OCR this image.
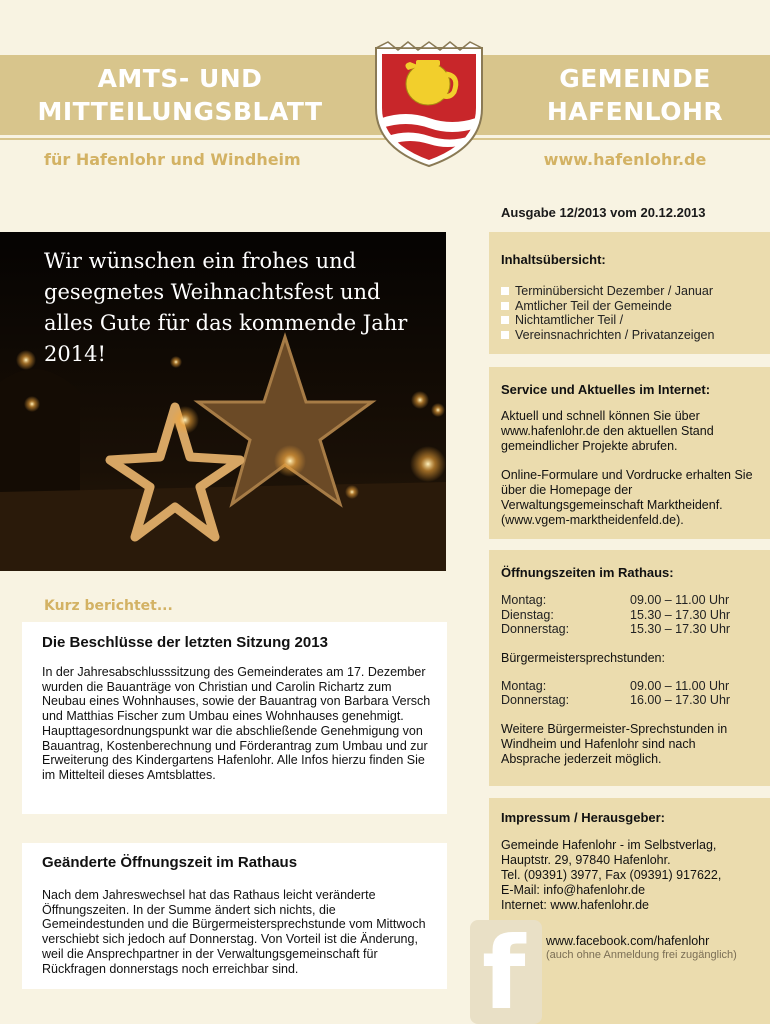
AMTS- UND
MITTEILUNGSBLATT
GEMEINDE
HAFENLOHR
für Hafenlohr und Windheim	www.hafenlohr.de
Ausgabe 12/2013 vom 20.12.2013
Wir wünschen ein frohes und gesegnetes Weihnachtsfest und alles Gute für das kommende Jahr 2014!
Inhaltsübersicht:
Terminübersicht Dezember / Januar
Amtlicher Teil der Gemeinde
Nichtamtlicher Teil /
Vereinsnachrichten / Privatanzeigen
Service und Aktuelles im Internet:
Aktuell und schnell können Sie über www.hafenlohr.de den aktuellen Stand gemeindlicher Projekte abrufen.
Online-Formulare und Vordrucke erhalten Sie über die Homepage der Verwaltungsgemeinschaft Marktheidenf. (www.vgem-marktheidenfeld.de).
Öffnungszeiten im Rathaus:
Montag:	09.00 – 11.00 Uhr
Dienstag:	15.30 – 17.30 Uhr
Donnerstag:	15.30 – 17.30 Uhr
Bürgermeistersprechstunden:
Montag:	09.00 – 11.00 Uhr
Donnerstag:	16.00 – 17.30 Uhr
Weitere Bürgermeister-Sprechstunden in Windheim und Hafenlohr sind nach Absprache jederzeit möglich.
Impressum / Herausgeber:
Gemeinde Hafenlohr - im Selbstverlag,
Hauptstr. 29, 97840 Hafenlohr.
Tel. (09391) 3977, Fax (09391) 917622,
E-Mail: info@hafenlohr.de
Internet: www.hafenlohr.de
f www.facebook.com/hafenlohr
(auch ohne Anmeldung frei zugänglich)
Kurz berichtet...
Die Beschlüsse der letzten Sitzung 2013
In der Jahresabschlusssitzung des Gemeinderates am 17. Dezember wurden die Bauanträge von Christian und Carolin Richartz zum Neubau eines Wohnhauses, sowie der Bauantrag von Barbara Versch und Matthias Fischer zum Umbau eines Wohnhauses genehmigt. Haupttagesordnungspunkt war die abschließende Genehmigung von Bauantrag, Kostenberechnung und Förderantrag zum Umbau und zur Erweiterung des Kindergartens Hafenlohr. Alle Infos hierzu finden Sie im Mittelteil dieses Amtsblattes.
Geänderte Öffnungszeit im Rathaus
Nach dem Jahreswechsel hat das Rathaus leicht veränderte Öffnungszeiten. In der Summe ändert sich nichts, die Gemeindestunden und die Bürgermeistersprechstunde vom Mittwoch verschiebt sich jedoch auf Donnerstag. Von Vorteil ist die Änderung, weil die Ansprechpartner in der Verwaltungsgemeinschaft für Rückfragen donnerstags noch erreichbar sind.
